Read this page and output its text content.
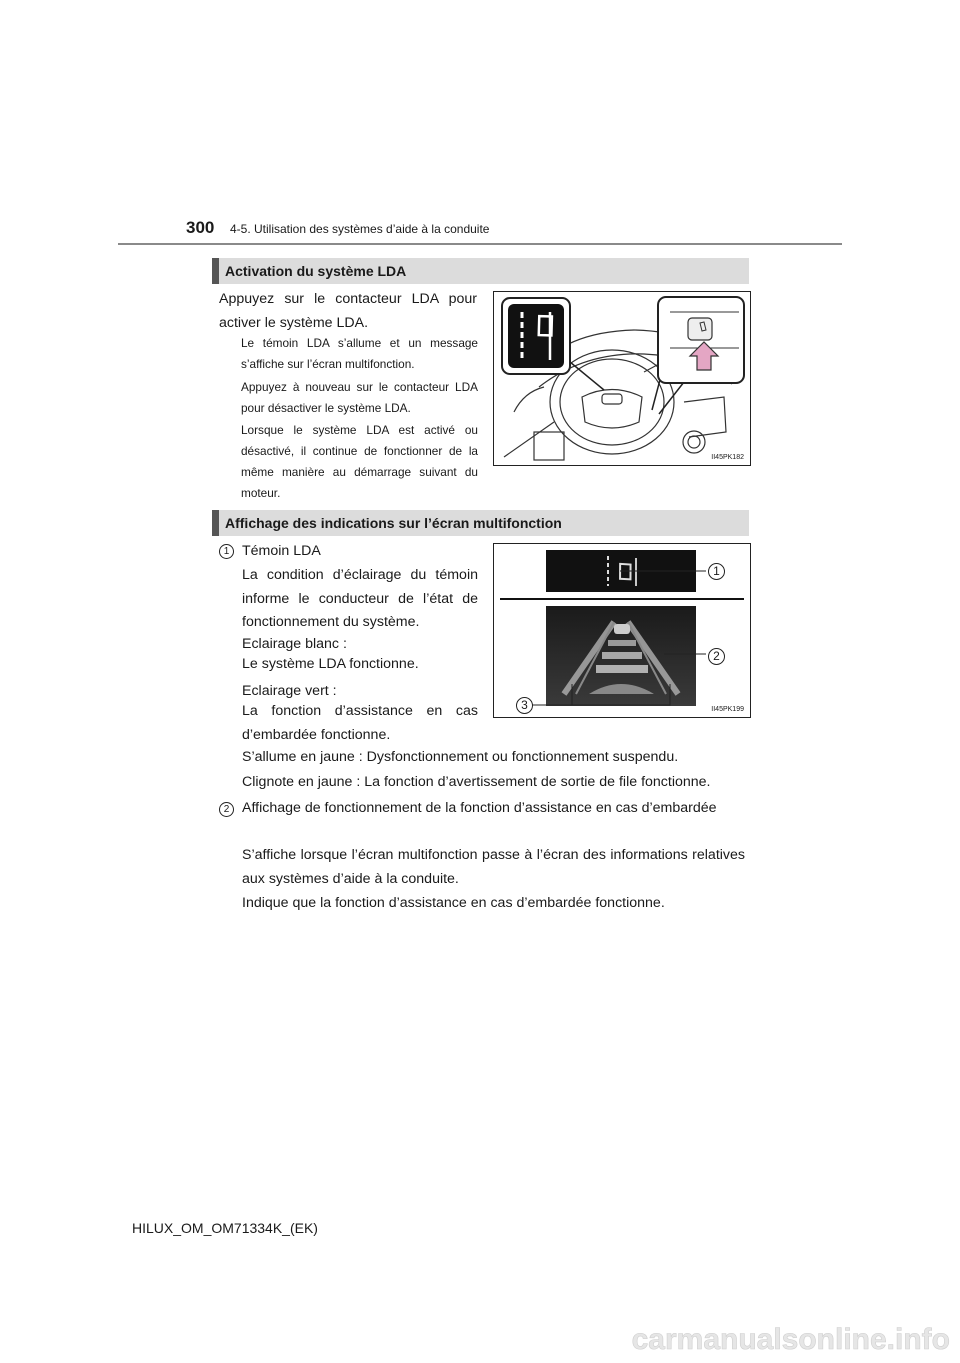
300 4-5. Utilisation des systèmes d’aide à la conduite
Activation du système LDA
Appuyez sur le contacteur LDA pour activer le système LDA.
Le témoin LDA s’allume et un message s’affiche sur l’écran multifonction.
Appuyez à nouveau sur le contacteur LDA pour désactiver le système LDA.
Lorsque le système LDA est activé ou désactivé, il continue de fonctionner de la même manière au démarrage suivant du moteur.
II45PK182
Affichage des indications sur l’écran multifonction
1 Témoin LDA
La condition d’éclairage du témoin informe le conducteur de l’état de fonctionnement du système.
Eclairage blanc :
Le système LDA fonctionne.
Eclairage vert :
La fonction d’assistance en cas d’embardée fonctionne.
S’allume en jaune : Dysfonctionnement ou fonctionnement suspendu.
Clignote en jaune : La fonction d’avertissement de sortie de file fonctionne.
2 Affichage de fonctionnement de la fonction d’assistance en cas d’embardée
S’affiche lorsque l’écran multifonction passe à l’écran des informations relatives aux systèmes d’aide à la conduite.
Indique que la fonction d’assistance en cas d’embardée fonctionne.
1
2
3	II45PK199
HILUX_OM_OM71334K_(EK)
carmanualsonline.info
